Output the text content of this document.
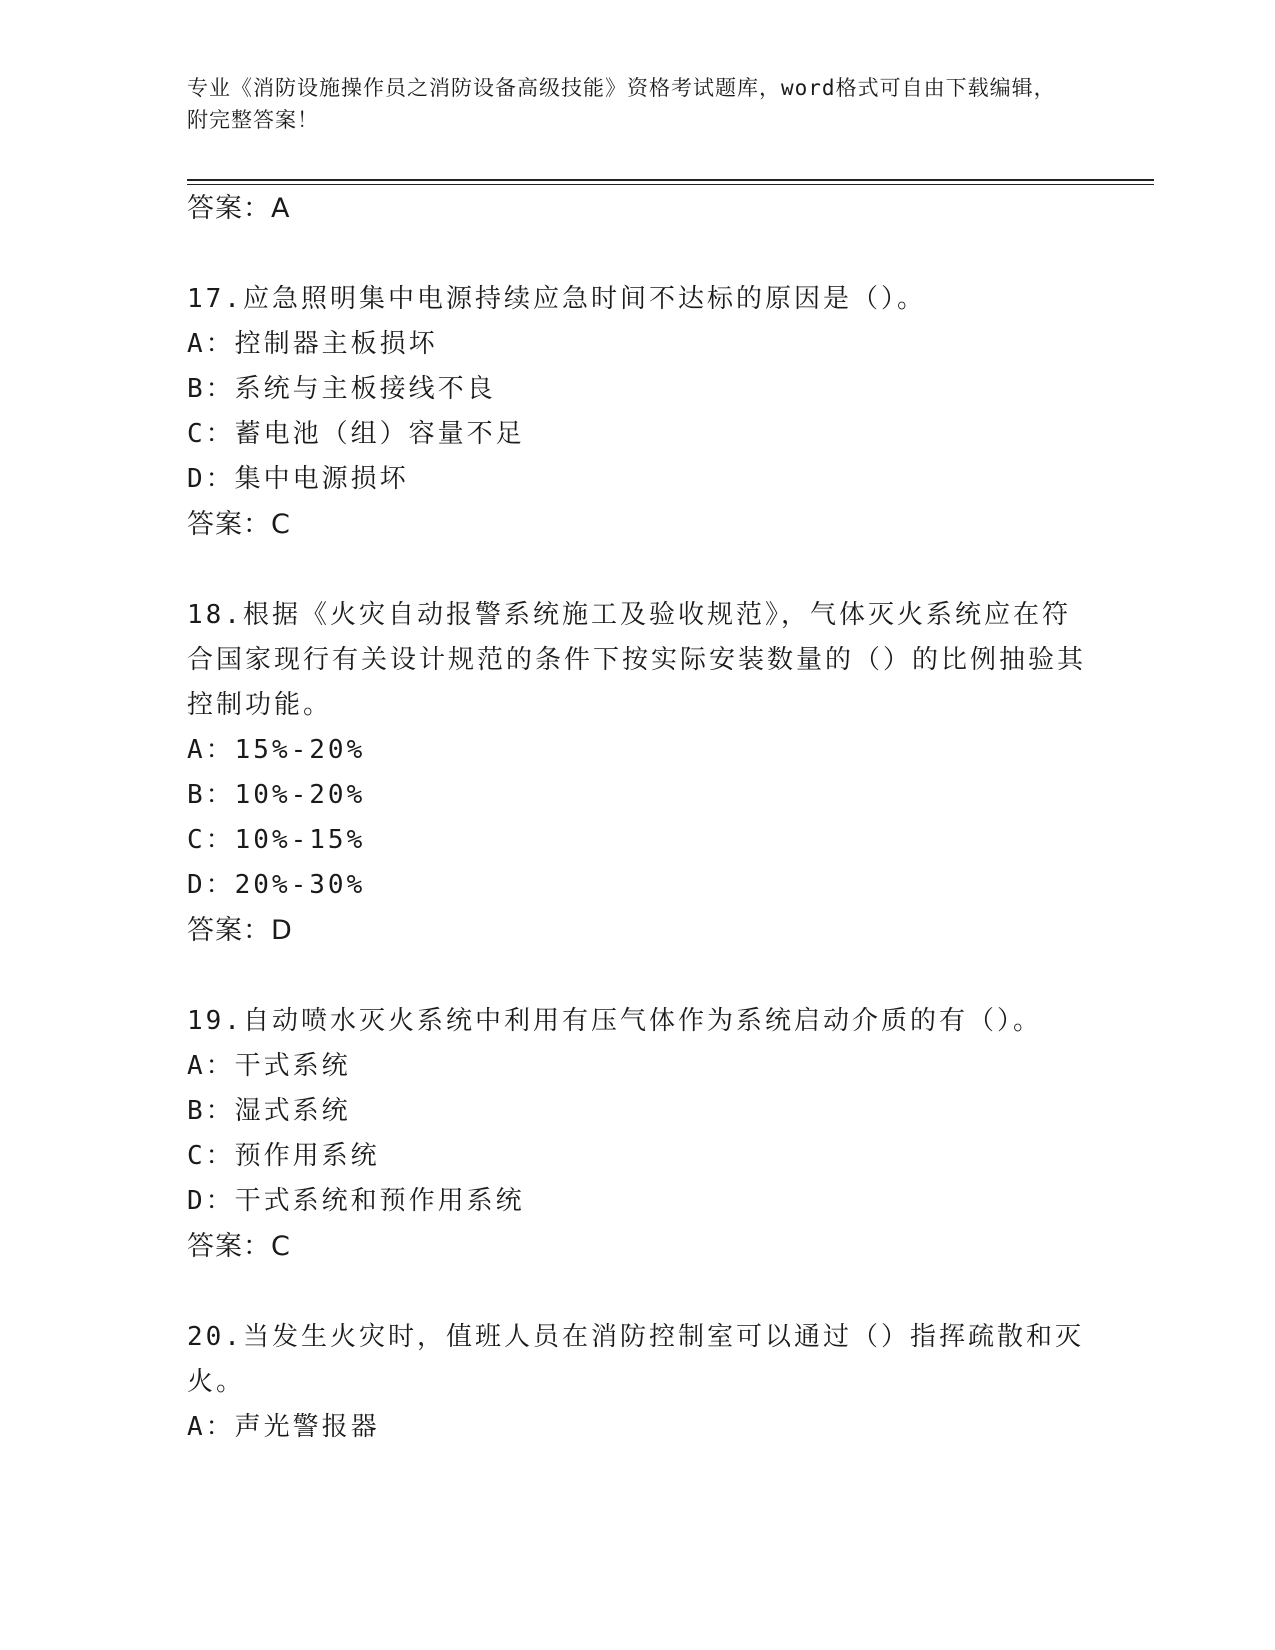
专业《消防设施操作员之消防设备高级技能》资格考试题库，word格式可自由下载编辑，附完整答案！
答案：A
17.应急照明集中电源持续应急时间不达标的原因是（）。
A：控制器主板损坏
B：系统与主板接线不良
C：蓄电池（组）容量不足
D：集中电源损坏
答案：C
18.根据《火灾自动报警系统施工及验收规范》，气体灭火系统应在符合国家现行有关设计规范的条件下按实际安装数量的（）的比例抽验其控制功能。
A：15%-20%
B：10%-20%
C：10%-15%
D：20%-30%
答案：D
19.自动喷水灭火系统中利用有压气体作为系统启动介质的有（）。
A：干式系统
B：湿式系统
C：预作用系统
D：干式系统和预作用系统
答案：C
20.当发生火灾时，值班人员在消防控制室可以通过（）指挥疏散和灭火。
A：声光警报器
